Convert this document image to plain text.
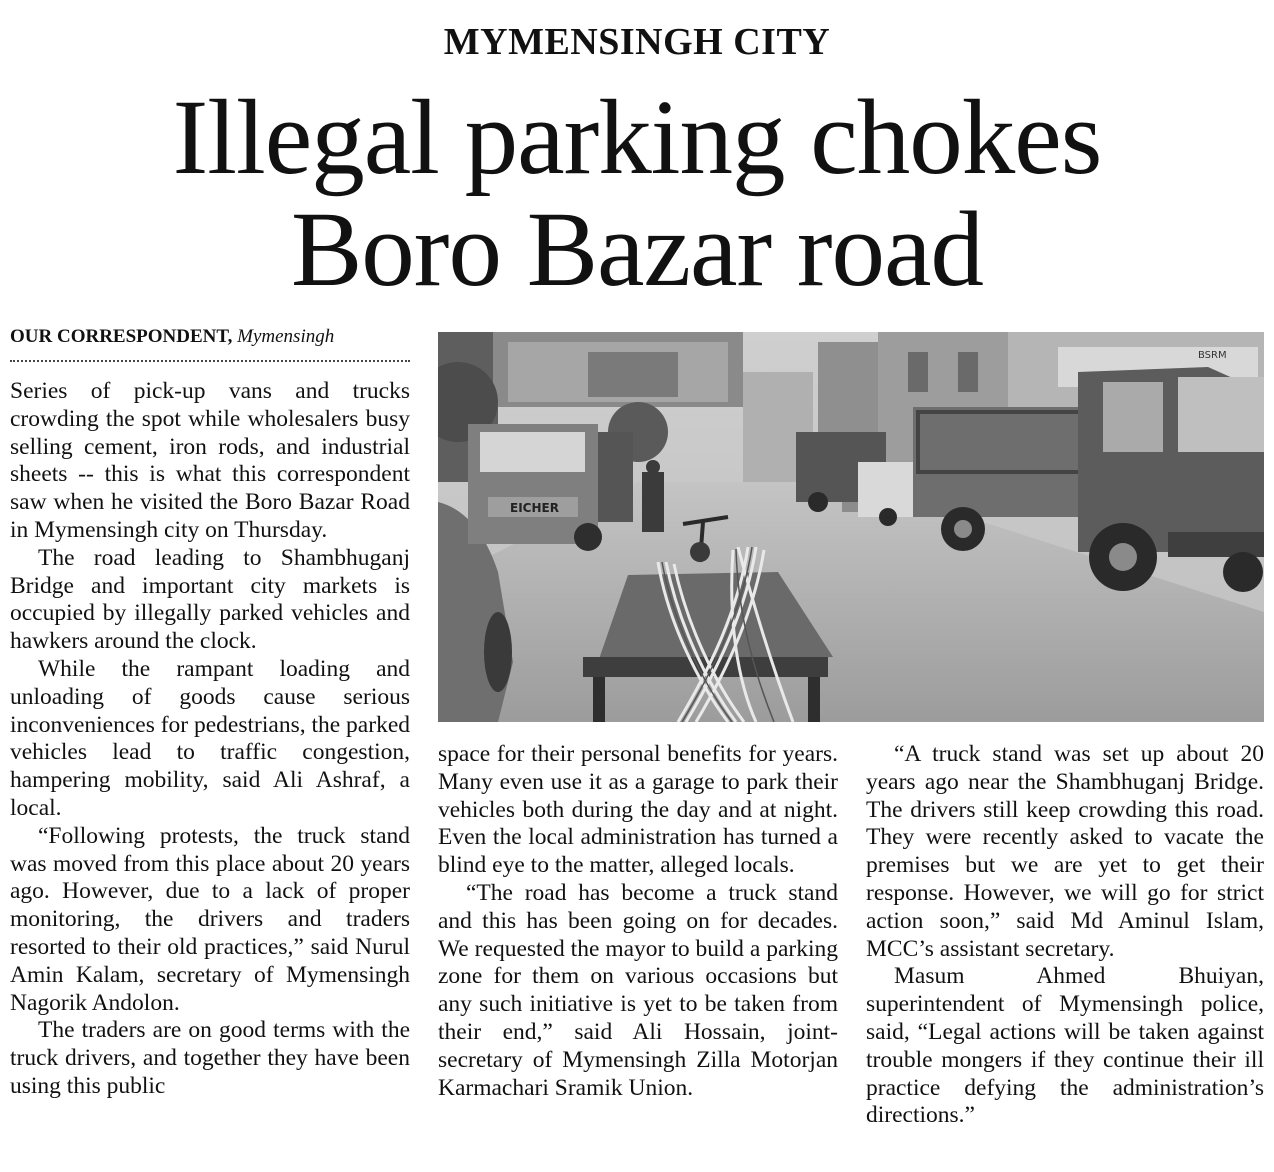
MYMENSINGH CITY
Illegal parking chokes
Boro Bazar road
OUR CORRESPONDENT, Mymensingh
BSRM
EICHER

Series of pick-up vans and trucks crowding the spot while wholesalers busy selling cement, iron rods, and industrial sheets -- this is what this correspondent saw when he visited the Boro Bazar Road in Mymensingh city on Thursday.

The road leading to Shambhuganj Bridge and important city markets is occupied by illegally parked vehicles and hawkers around the clock.

While the rampant loading and unloading of goods cause serious inconveniences for pedestrians, the parked vehicles lead to traffic congestion, hampering mobility, said Ali Ashraf, a local.

“Following protests, the truck stand was moved from this place about 20 years ago. However, due to a lack of proper monitoring, the drivers and traders resorted to their old practices,” said Nurul Amin Kalam, secretary of Mymensingh Nagorik Andolon.

The traders are on good terms with the truck drivers, and together they have been using this public

space for their personal benefits for years. Many even use it as a garage to park their vehicles both during the day and at night. Even the local administration has turned a blind eye to the matter, alleged locals.

“The road has become a truck stand and this has been going on for decades. We requested the mayor to build a parking zone for them on various occasions but any such initiative is yet to be taken from their end,” said Ali Hossain, joint-secretary of Mymensingh Zilla Motorjan Karmachari Sramik Union.

“A truck stand was set up about 20 years ago near the Shambhuganj Bridge. The drivers still keep crowding this road. They were recently asked to vacate the premises but we are yet to get their response. However, we will go for strict action soon,” said Md Aminul Islam, MCC’s assistant secretary.

Masum Ahmed Bhuiyan, superintendent of Mymensingh police, said, “Legal actions will be taken against trouble mongers if they continue their ill practice defying the administration’s directions.”
